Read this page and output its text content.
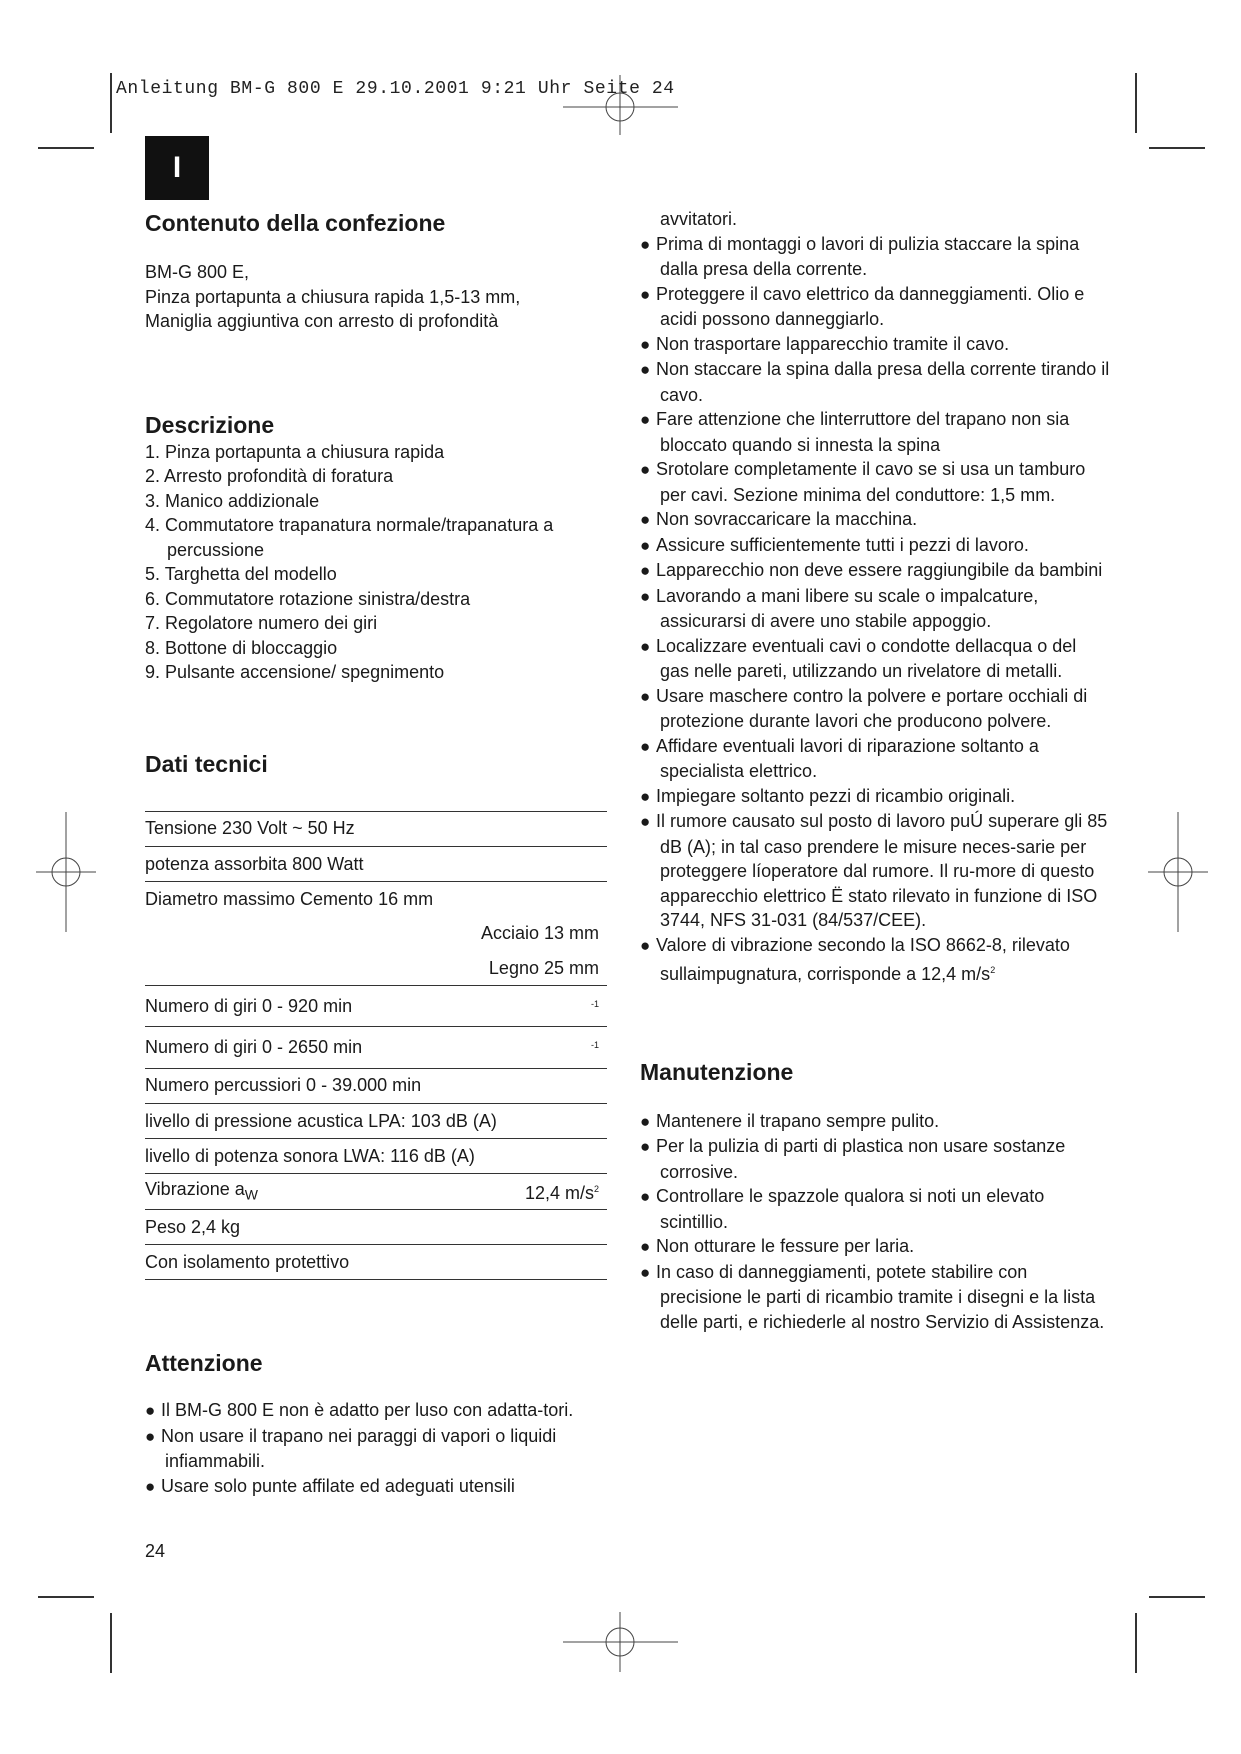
Anleitung BM-G 800 E 29.10.2001 9:21 Uhr Seite 24
I
Contenuto della confezione

BM-G 800 E,

Pinza portapunta a chiusura rapida 1,5-13 mm,

Maniglia aggiuntiva con arresto di profondità

Descrizione
1. Pinza portapunta a chiusura rapida
2. Arresto profondità di foratura
3. Manico addizionale
4. Commutatore trapanatura normale/trapanatura a percussione
5. Targhetta del modello
6. Commutatore rotazione sinistra/destra
7. Regolatore numero dei giri
8. Bottone di bloccaggio
9. Pulsante accensione/ spegnimento
Dati tecnici
Tensione 230 Volt ~ 50 Hz	
potenza assorbita 800 Watt	
Diametro massimo Cemento 16 mm	
Acciaio 13 mm	
Legno 25 mm	
Numero di giri 0 - 920 min	$^{-1}$
Numero di giri 0 - 2650 min	$^{-1}$
Numero percussiori 0 - 39.000 min	
livello di pressione acustica LPA: 103 dB (A)	
livello di potenza sonora LWA: 116 dB (A)	
Vibrazione $a_W$	12,4 $m/s^2$
Peso 2,4 kg	
Con isolamento protettivo	
Attenzione
● Il BM-G 800 E non è adatto per luso con adatta-tori.
● Non usare il trapano nei paraggi di vapori o liquidi infiammabili.
● Usare solo punte affilate ed adeguati utensili

avvitatori.

● Prima di montaggi o lavori di pulizia staccare la spina dalla presa della corrente.
● Proteggere il cavo elettrico da danneggiamenti. Olio e acidi possono danneggiarlo.
● Non trasportare lapparecchio tramite il cavo.
● Non staccare la spina dalla presa della corrente tirando il cavo.
● Fare attenzione che linterruttore del trapano non sia bloccato quando si innesta la spina
● Srotolare completamente il cavo se si usa un tamburo per cavi. Sezione minima del conduttore: 1,5 mm.
● Non sovraccaricare la macchina.
● Assicure sufficientemente tutti i pezzi di lavoro.
● Lapparecchio non deve essere raggiungibile da bambini
● Lavorando a mani libere su scale o impalcature, assicurarsi di avere uno stabile appoggio.
● Localizzare eventuali cavi o condotte dellacqua o del gas nelle pareti, utilizzando un rivelatore di metalli.
● Usare maschere contro la polvere e portare occhiali di protezione durante lavori che producono polvere.
● Affidare eventuali lavori di riparazione soltanto a specialista elettrico.
● Impiegare soltanto pezzi di ricambio originali.
● Il rumore causato sul posto di lavoro puÚ superare gli 85 dB (A); in tal caso prendere le misure neces-sarie per proteggere líoperatore dal rumore. Il ru-more di questo apparecchio elettrico Ë stato rilevato in funzione di ISO 3744, NFS 31-031 (84/537/CEE).
● Valore di vibrazione secondo la ISO 8662-8, rilevato sullaimpugnatura, corrisponde a 12,4 $m/s^2$
Manutenzione
● Mantenere il trapano sempre pulito.
● Per la pulizia di parti di plastica non usare sostanze corrosive.
● Controllare le spazzole qualora si noti un elevato scintillio.
● Non otturare le fessure per laria.
● In caso di danneggiamenti, potete stabilire con precisione le parti di ricambio tramite i disegni e la lista delle parti, e richiederle al nostro Servizio di Assistenza.
24
